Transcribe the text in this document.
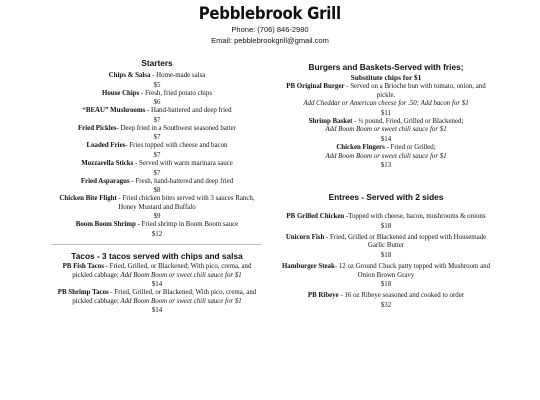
Pebblebrook Grill
Phone: (706) 846-2980
Email: pebblebrookgrill@gmail.com
Starters
Chips & Salsa - Home-made salsa
$5
House Chips - Fresh, fried potato chips
$6
“BEAU” Mushrooms - Hand-battered and deep fried
$7
Fried Pickles- Deep fried in a Southwest seasoned batter
$7
Loaded Fries- Fries topped with cheese and bacon
$7
Mozzarella Sticks - Served with warm marinara sauce
$7
Fried Asparagus - Fresh, hand-battered and deep fried
$8
Chicken Bite Flight - Fried chicken bites served with 3 sauces Ranch, Honey Mustard and Buffalo
$9
Boom Boom Shrimp - Fried shrimp in Boom Boom sauce
$12
Tacos - 3 tacos served with chips and salsa
PB Fish Tacos - Fried, Grilled, or Blackened; With pico, crema, and pickled cabbage; Add Boom Boom or sweet chili sauce for $1
$14
PB Shrimp Tacos - Fried, Grilled, or Blackened; With pico, crema, and pickled cabbage; Add Boom Boom or sweet chili sauce for $1
$14
Burgers and Baskets-Served with fries;
Substitute chips for $1
PB Original Burger - Served on a Brioche bun with tomato, onion, and pickle.
Add Cheddar or American cheese for .50; Add bacon for $1
$11
Shrimp Basket - ½ pound, Fried, Grilled or Blackened;
Add Boom Boom or sweet chili sauce for $1
$14
Chicken Fingers - Fried or Grilled;
Add Boom Boom or sweet chili sauce for $1
$13
Entrees - Served with 2 sides
PB Grilled Chicken -Topped with cheese, bacon, mushrooms & onions
$18
Unicorn Fish - Fried, Grilled or Blackened and topped with Housemade Garlic Butter
$18
Hamburger Steak- 12 oz Ground Chuck patty topped with Mushroom and Onion Brown Gravy
$18
PB Ribeye - 16 oz Ribeye seasoned and cooked to order
$32
